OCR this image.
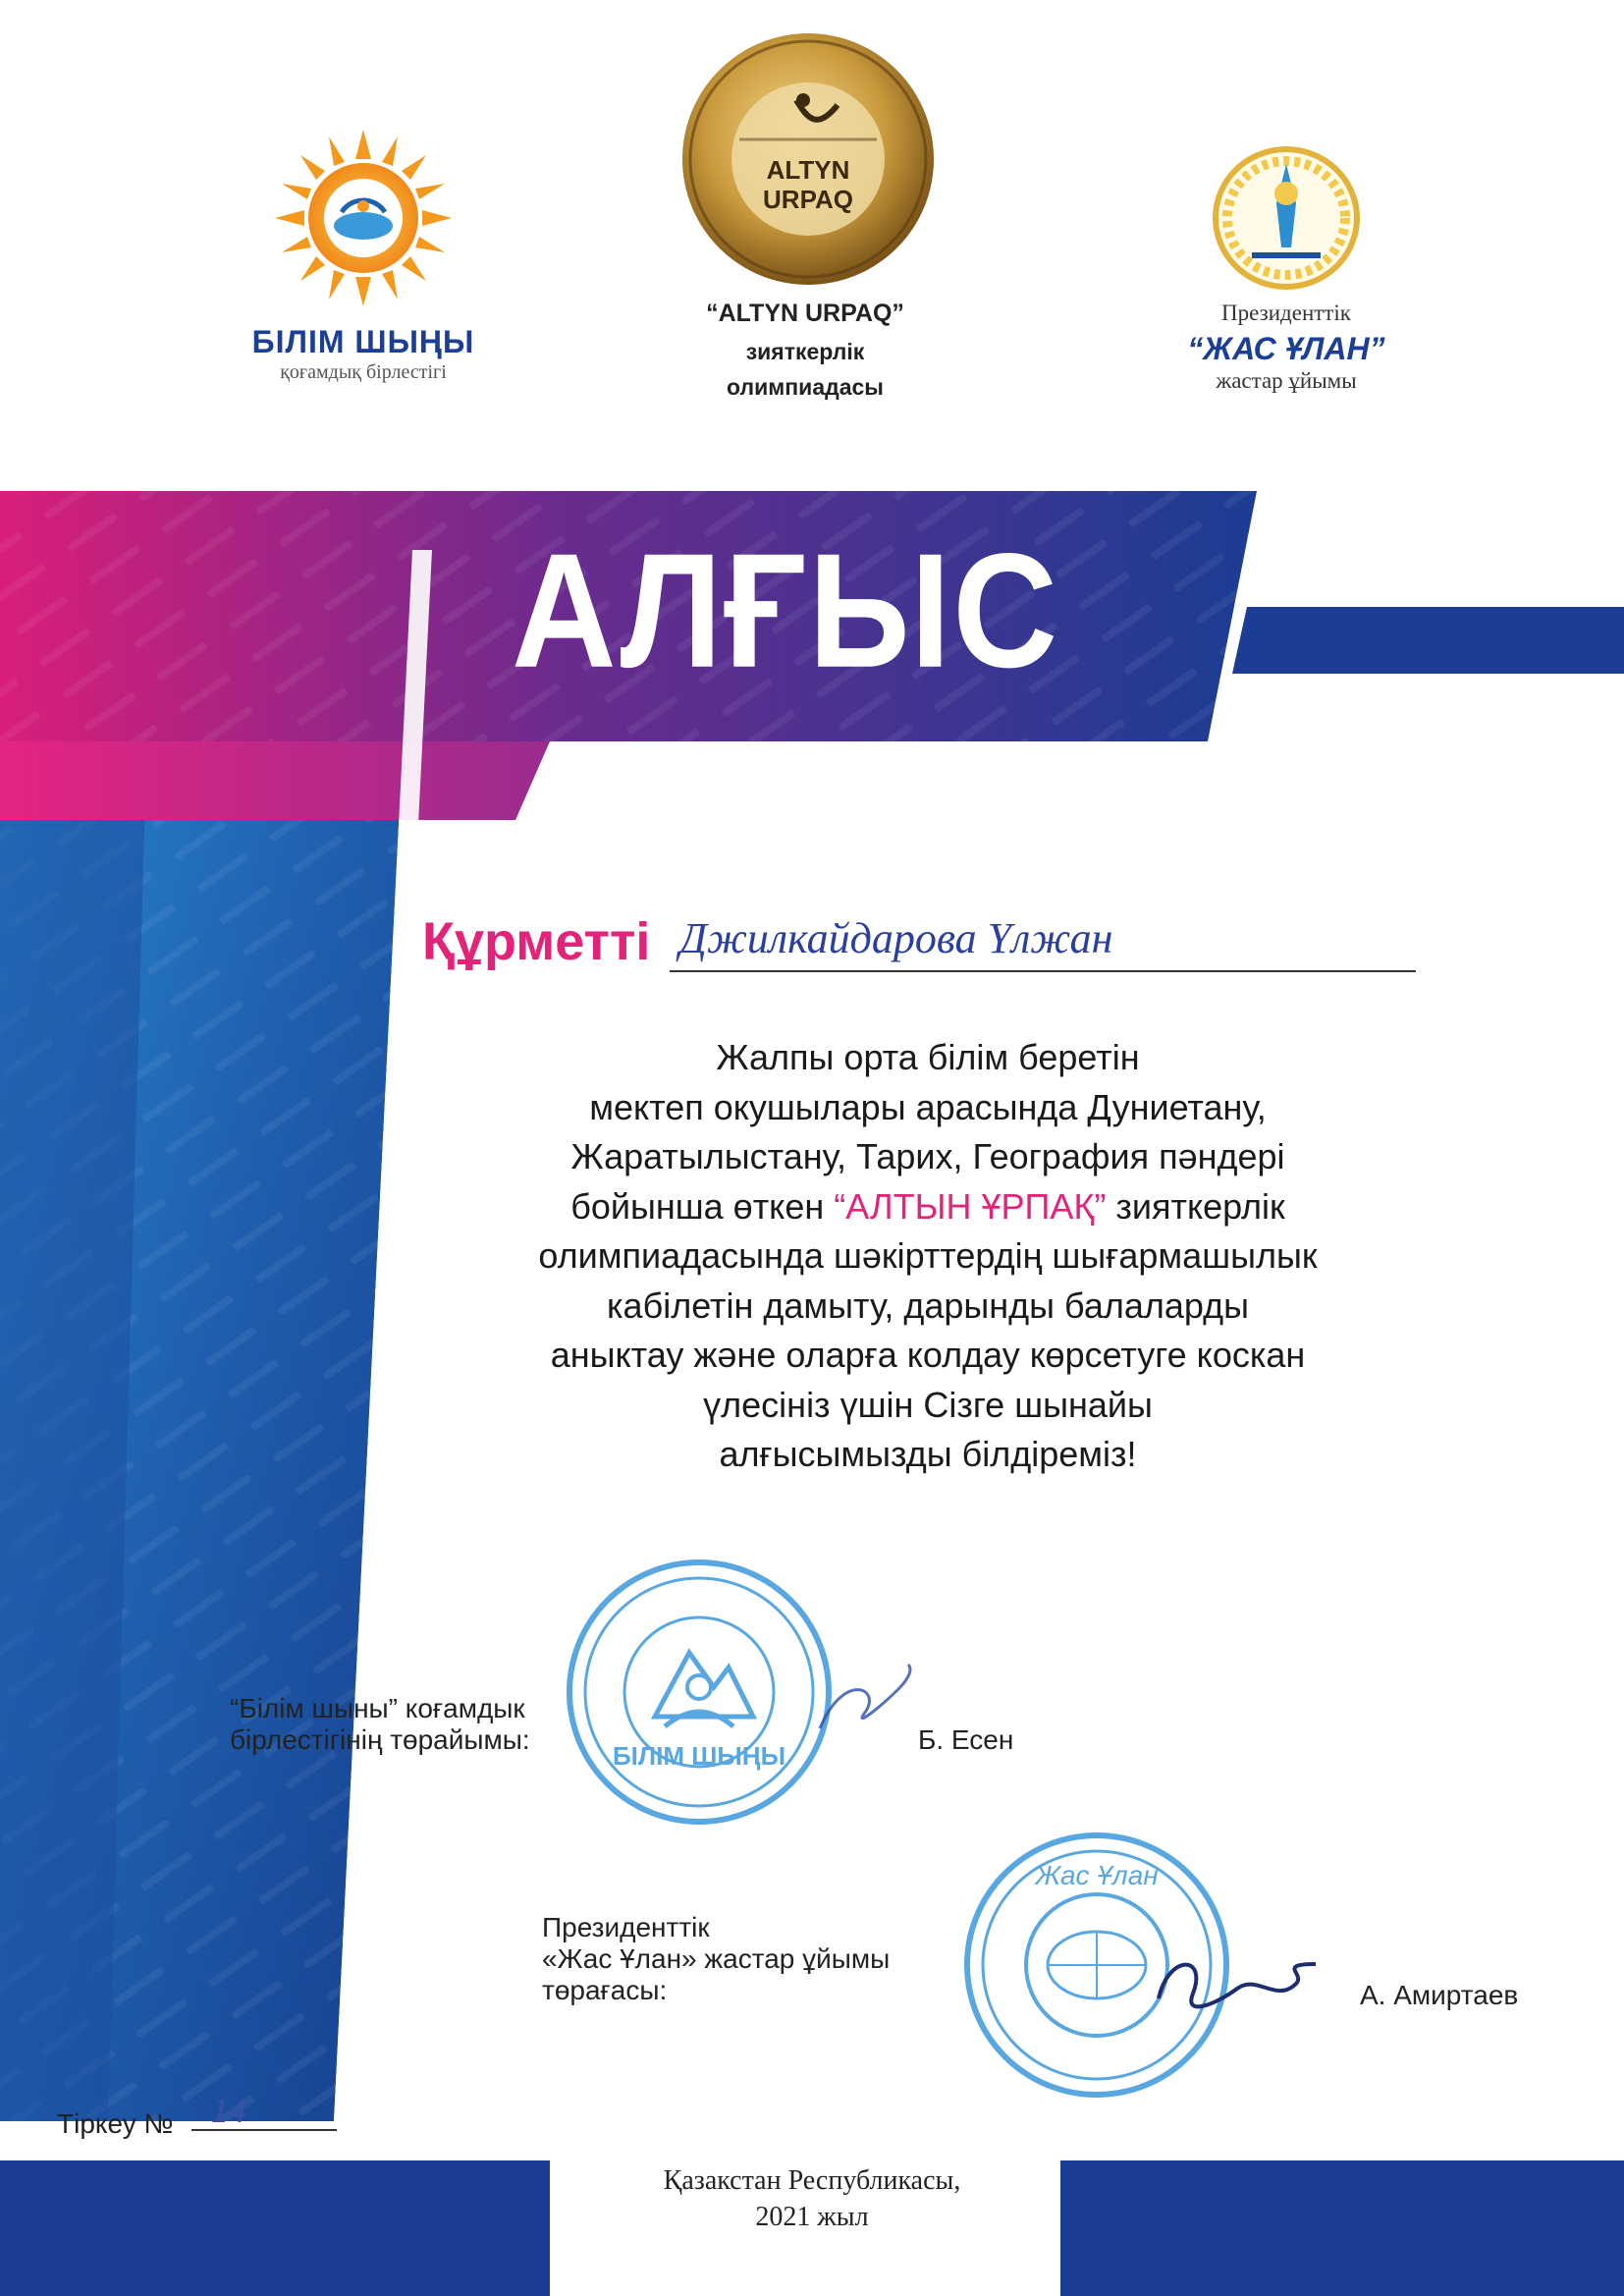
ALTYN
URPAQ
БІЛІМ ШЫҢЫ
Жас Ұлан
БІЛІМ ШЫҢЫ
қоғамдық бірлестігі
“ALTYN URPAQ”
зияткерлік
олимпиадасы
Президенттік
“ЖАС ҰЛАН”
жастар ұйымы
АЛҒЫС ХАТ
Құрметті Джилкайдарова Үлжан
Жалпы орта білім беретін
мектеп окушылары арасында Дуниетану,
Жаратылыстану, Тарих, География пәндері
бойынша өткен “АЛТЫН ҰРПАҚ” зияткерлік
олимпиадасында шәкірттердің шығармашылык
кабілетін дамыту, дарынды балаларды
аныктау және оларға колдау көрсетуге коскан
үлесініз үшін Сізге шынайы
алғысымызды білдіреміз!
“Білім шыны” коғамдык
бірлестігінің төрайымы:	Б. Есен
Президенттік
«Жас Ұлан» жастар ұйымы
төрағасы:	А. Амиртаев
Тіркеу №	14
Қазакстан Республикасы,
2021 жыл
